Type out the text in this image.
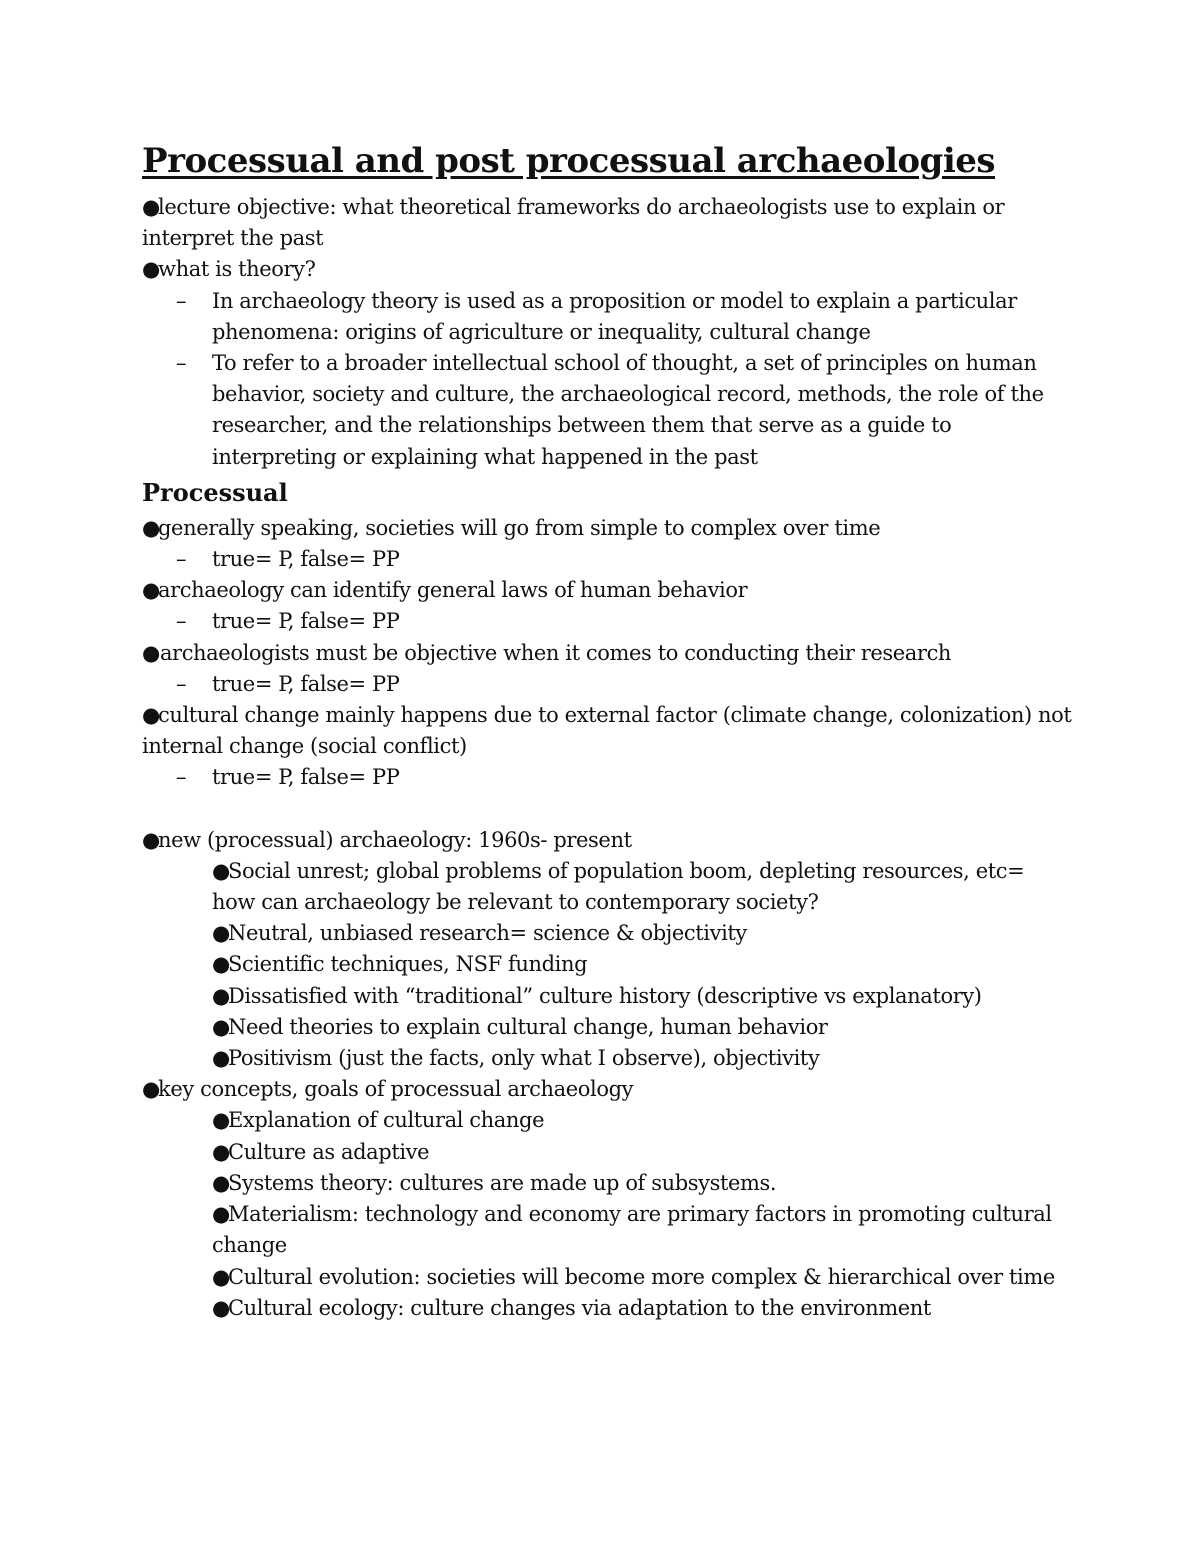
Processual and post processual archaeologies

●lecture objective: what theoretical frameworks do archaeologists use to explain or interpret the past

●what is theory?

– In archaeology theory is used as a proposition or model to explain a particular phenomena: origins of agriculture or inequality, cultural change

– To refer to a broader intellectual school of thought, a set of principles on human behavior, society and culture, the archaeological record, methods, the role of the researcher, and the relationships between them that serve as a guide to interpreting or explaining what happened in the past

Processual

●generally speaking, societies will go from simple to complex over time

– true= P, false= PP

●archaeology can identify general laws of human behavior

– true= P, false= PP

●archaeologists must be objective when it comes to conducting their research

– true= P, false= PP

●cultural change mainly happens due to external factor (climate change, colonization) not internal change (social conflict)

– true= P, false= PP

●new (processual) archaeology: 1960s- present

●Social unrest; global problems of population boom, depleting resources, etc= how can archaeology be relevant to contemporary society?

●Neutral, unbiased research= science & objectivity

●Scientific techniques, NSF funding

●Dissatisfied with “traditional” culture history (descriptive vs explanatory)

●Need theories to explain cultural change, human behavior

●Positivism (just the facts, only what I observe), objectivity

●key concepts, goals of processual archaeology

●Explanation of cultural change

●Culture as adaptive

●Systems theory: cultures are made up of subsystems.

●Materialism: technology and economy are primary factors in promoting cultural change

●Cultural evolution: societies will become more complex & hierarchical over time

●Cultural ecology: culture changes via adaptation to the environment
